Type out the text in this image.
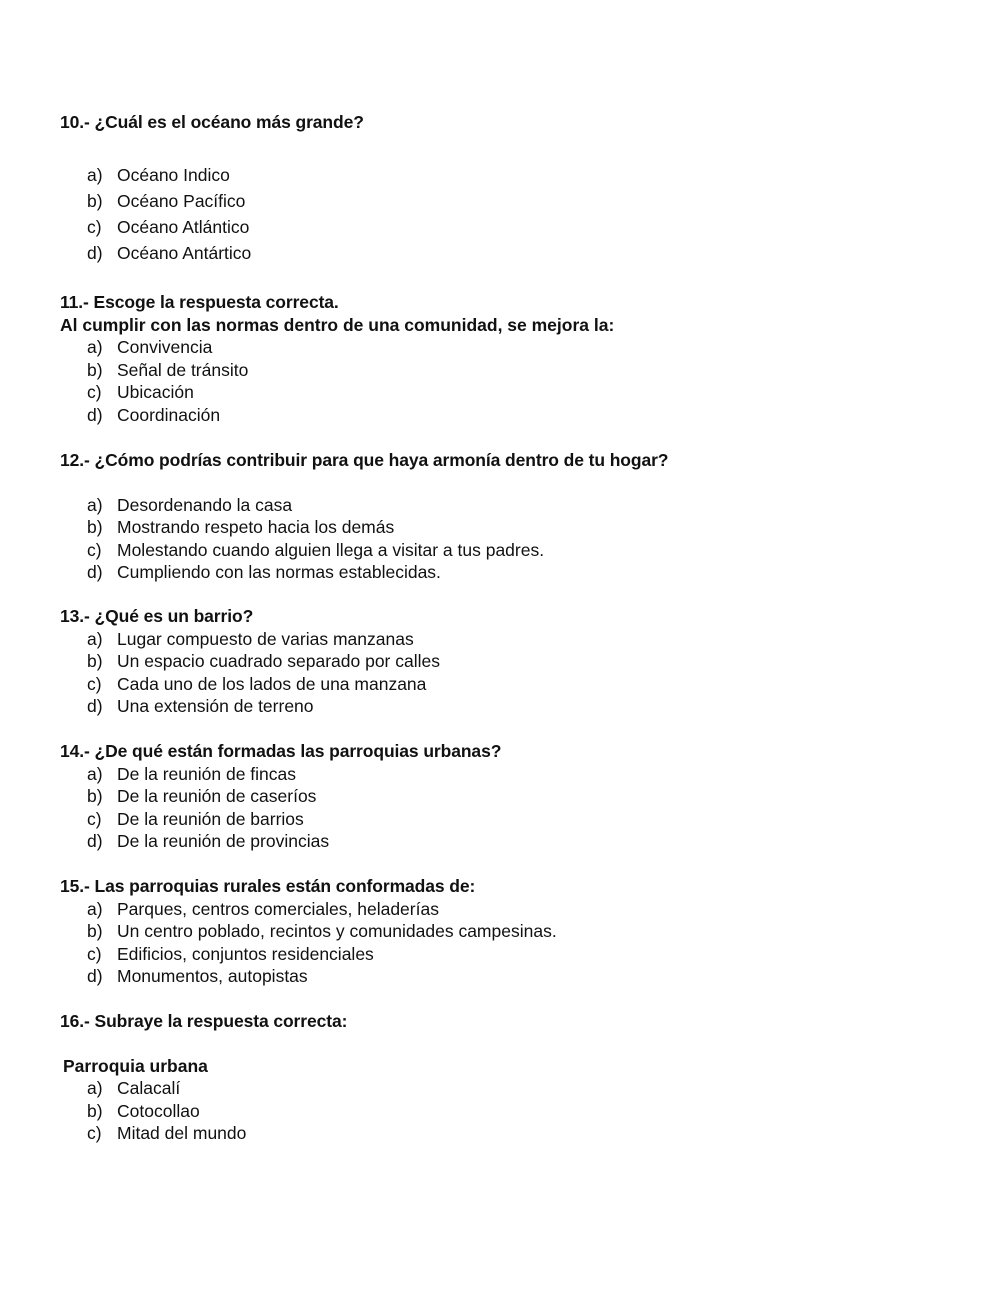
10.- ¿Cuál es el océano más grande?

a) Océano Indico
b) Océano Pacífico
c) Océano Atlántico
d) Océano Antártico

11.- Escoge la respuesta correcta.

Al cumplir con las normas dentro de una comunidad, se mejora la:

a) Convivencia
b) Señal de tránsito
c) Ubicación
d) Coordinación

12.- ¿Cómo podrías contribuir para que haya armonía dentro de tu hogar?

a) Desordenando la casa
b) Mostrando respeto hacia los demás
c) Molestando cuando alguien llega a visitar a tus padres.
d) Cumpliendo con las normas establecidas.

13.- ¿Qué es un barrio?

a) Lugar compuesto de varias manzanas
b) Un espacio cuadrado separado por calles
c) Cada uno de los lados de una manzana
d) Una extensión de terreno

14.- ¿De qué están formadas las parroquias urbanas?

a) De la reunión de fincas
b) De la reunión de caseríos
c) De la reunión de barrios
d) De la reunión de provincias

15.- Las parroquias rurales están conformadas de:

a) Parques, centros comerciales, heladerías
b) Un centro poblado, recintos y comunidades campesinas.
c) Edificios, conjuntos residenciales
d) Monumentos, autopistas

16.- Subraye la respuesta correcta:

Parroquia urbana

a) Calacalí
b) Cotocollao
c) Mitad del mundo
